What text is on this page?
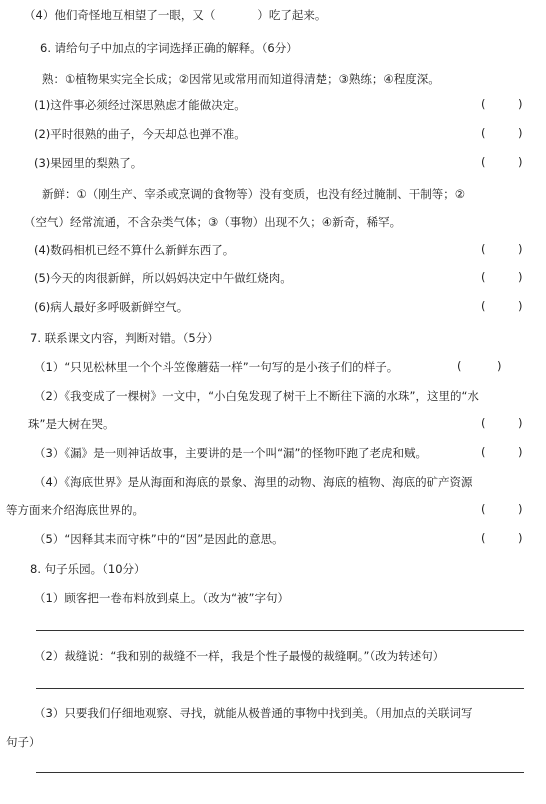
（4）他们奇怪地互相望了一眼，又（	）吃了起来。
6. 请给句子中加点的字词选择正确的解释。（6分）
熟：①植物果实完全长成；②因常见或常用而知道得清楚；③熟练；④程度深。
(1)这件事必须经过深思熟虑才能做决定。	(	)
(2)平时很熟的曲子，今天却总也弹不准。	(	)
(3)果园里的梨熟了。	(	)
新鲜：①（刚生产、宰杀或烹调的食物等）没有变质，也没有经过腌制、干制等；②
（空气）经常流通，不含杂类气体；③（事物）出现不久；④新奇，稀罕。
(4)数码相机已经不算什么新鲜东西了。	(	)
(5)今天的肉很新鲜，所以妈妈决定中午做红烧肉。	(	)
(6)病人最好多呼吸新鲜空气。	(	)
7. 联系课文内容，判断对错。（5分）
（1）“只见松林里一个个斗笠像蘑菇一样”一句写的是小孩子们的样子。	(	)
（2）《我变成了一棵树》一文中，“小白兔发现了树干上不断往下滴的水珠”，这里的“水
珠”是大树在哭。	(	)
（3）《漏》是一则神话故事，主要讲的是一个叫“漏”的怪物吓跑了老虎和贼。	(	)
（4）《海底世界》是从海面和海底的景象、海里的动物、海底的植物、海底的矿产资源
等方面来介绍海底世界的。	(	)
（5）“因释其耒而守株”中的“因”是因此的意思。	(	)
8. 句子乐园。（10分）
（1）顾客把一卷布料放到桌上。（改为“被”字句）
（2）裁缝说：“我和别的裁缝不一样，我是个性子最慢的裁缝啊。”（改为转述句）
（3）只要我们仔细地观察、寻找，就能从极普通的事物中找到美。（用加点的关联词写
句子）
